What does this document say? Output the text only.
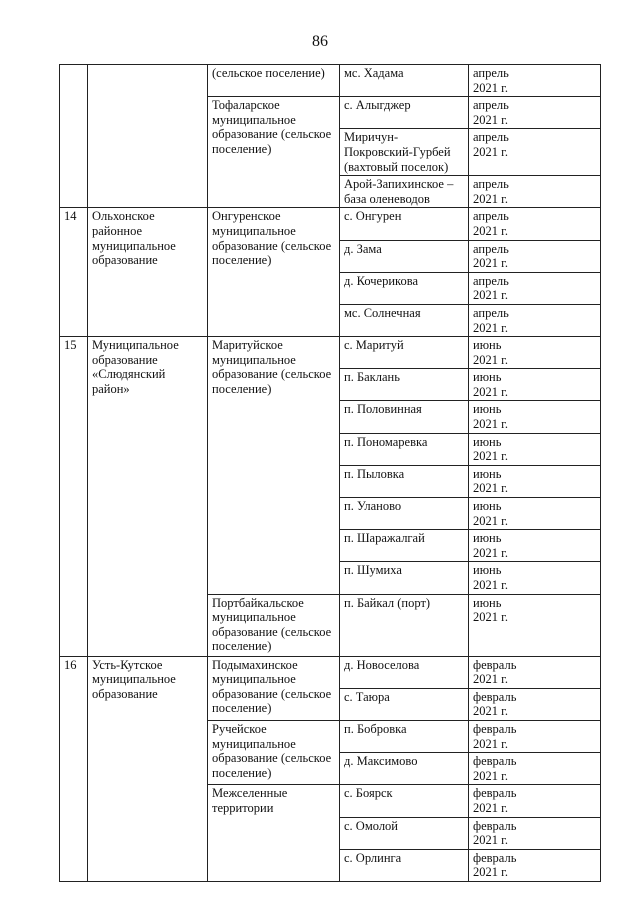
86
		(сельское поселение)	мс. Хадама	апрель
2021 г.

		Тофаларское муниципальное образование (сельское поселение)	с. Алыгджер	апрель
2021 г.

			Миричун-Покровский-Гурбей (вахтовый поселок)	апрель
2021 г.

			Арой-Запихинское – база оленеводов	апрель
2021 г.

14	Ольхонское районное муниципальное образование	Онгуренское муниципальное образование (сельское поселение)	с. Онгурен	апрель
2021 г.

			д. Зама	апрель
2021 г.

			д. Кочерикова	апрель
2021 г.

			мс. Солнечная	апрель
2021 г.

15	Муниципальное образование «Слюдянский район»	Маритуйское муниципальное образование (сельское поселение)	с. Маритуй	июнь
2021 г.

			п. Баклань	июнь
2021 г.

			п. Половинная	июнь
2021 г.

			п. Пономаревка	июнь
2021 г.

			п. Пыловка	июнь
2021 г.

			п. Уланово	июнь
2021 г.

			п. Шаражалгай	июнь
2021 г.

			п. Шумиха	июнь
2021 г.

		Портбайкальское муниципальное образование (сельское поселение)	п. Байкал (порт)	июнь
2021 г.

16	Усть-Кутское муниципальное образование	Подымахинское муниципальное образование (сельское поселение)	д. Новоселова	февраль
2021 г.

			с. Таюра	февраль
2021 г.

		Ручейское муниципальное образование (сельское поселение)	п. Бобровка	февраль
2021 г.

			д. Максимово	февраль
2021 г.

		Межселенные территории	с. Боярск	февраль
2021 г.

			с. Омолой	февраль
2021 г.

			с. Орлинга	февраль
2021 г.
